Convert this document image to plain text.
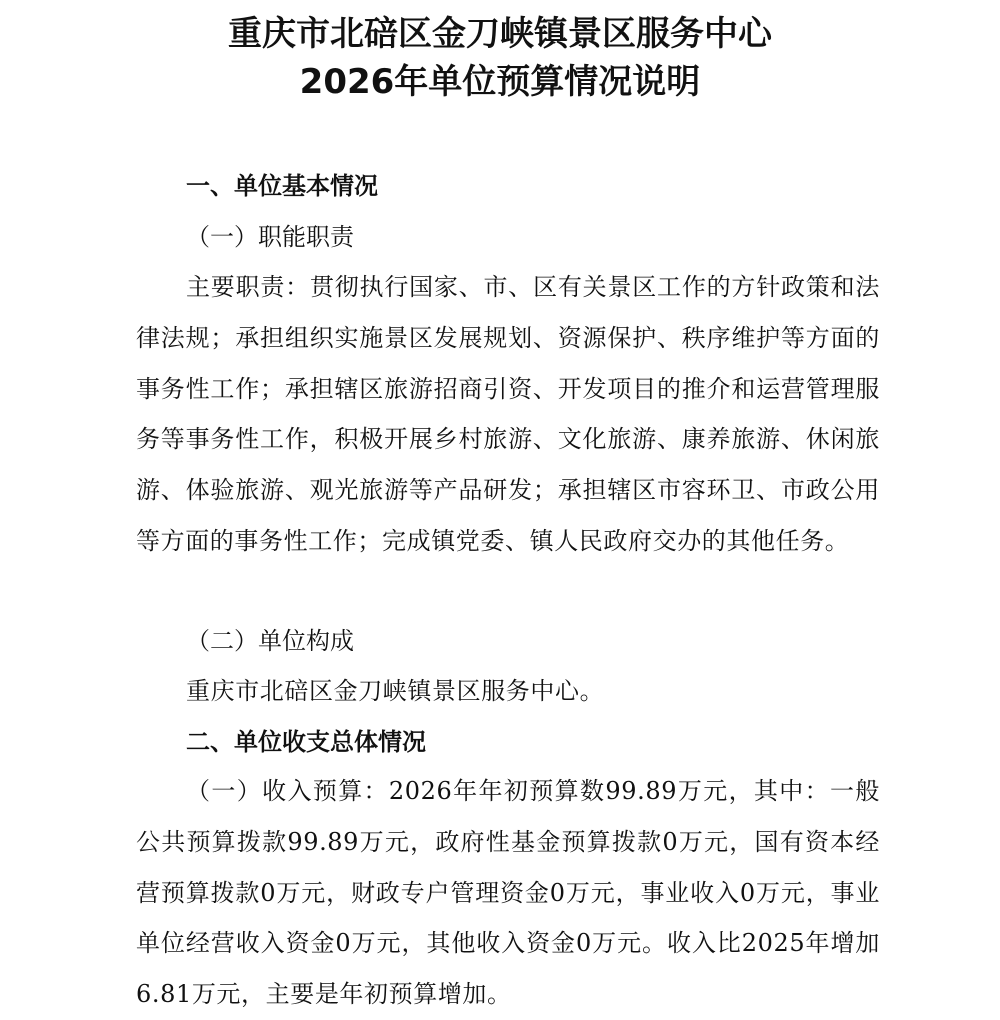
重庆市北碚区金刀峡镇景区服务中心
2026年单位预算情况说明
一、单位基本情况
（一）职能职责
主要职责：贯彻执行国家、市、区有关景区工作的方针政策和法律法规；承担组织实施景区发展规划、资源保护、秩序维护等方面的事务性工作；承担辖区旅游招商引资、开发项目的推介和运营管理服务等事务性工作，积极开展乡村旅游、文化旅游、康养旅游、休闲旅游、体验旅游、观光旅游等产品研发；承担辖区市容环卫、市政公用等方面的事务性工作；完成镇党委、镇人民政府交办的其他任务。
（二）单位构成
重庆市北碚区金刀峡镇景区服务中心。
二、单位收支总体情况
（一）收入预算：2026年年初预算数99.89万元，其中：一般公共预算拨款99.89万元，政府性基金预算拨款0万元，国有资本经营预算拨款0万元，财政专户管理资金0万元，事业收入0万元，事业单位经营收入资金0万元，其他收入资金0万元。收入比2025年增加6.81万元，主要是年初预算增加。
